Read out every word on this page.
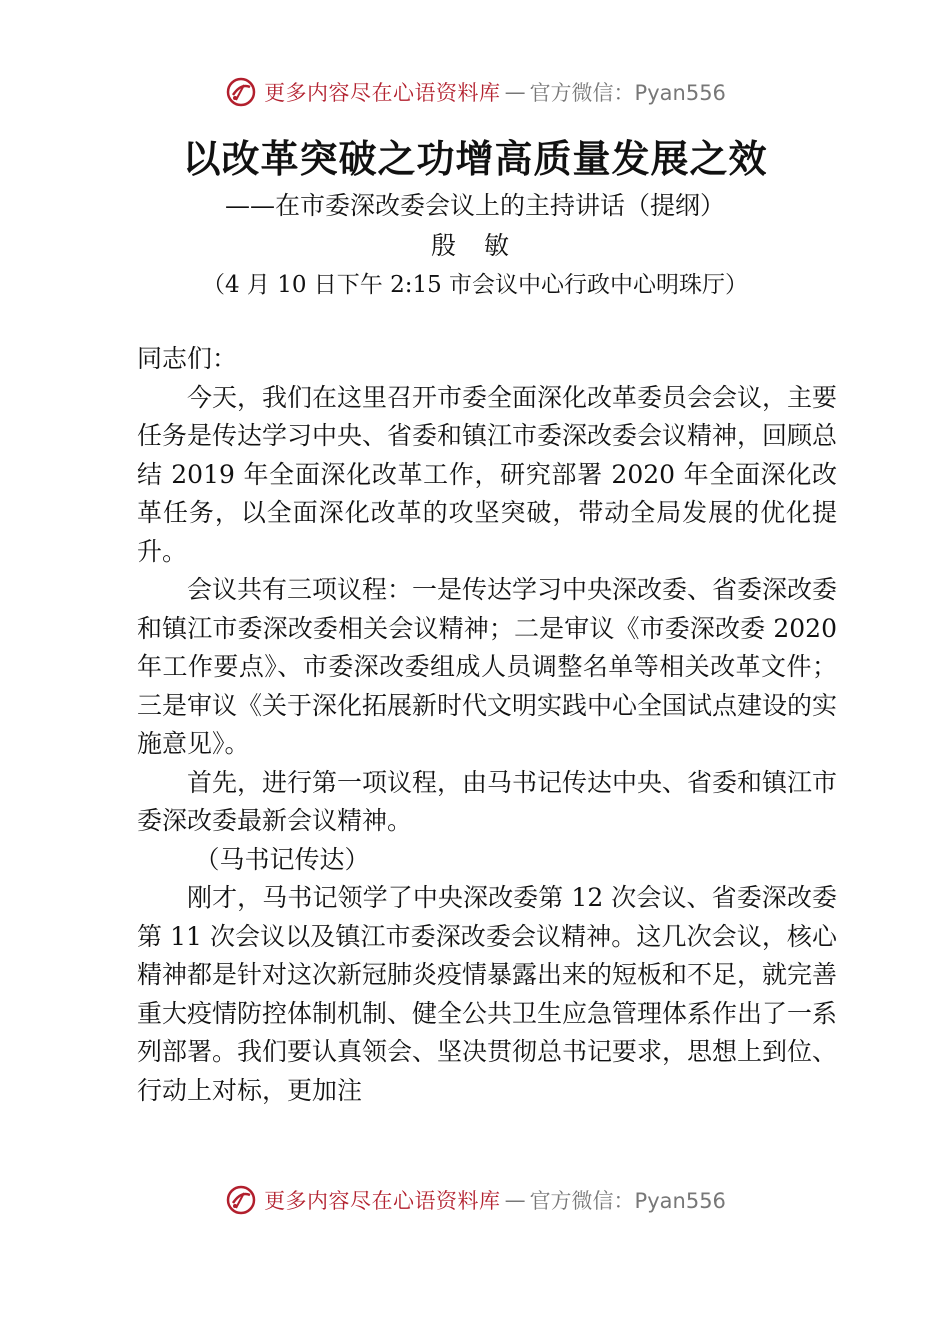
更多内容尽在心语资料库 — 官方微信：Pyan556
以改革突破之功增高质量发展之效
——在市委深改委会议上的主持讲话（提纲）
殷 敏
（4 月 10 日下午 2:15 市会议中心行政中心明珠厅）

同志们：

今天，我们在这里召开市委全面深化改革委员会会议，主要任务是传达学习中央、省委和镇江市委深改委会议精神，回顾总结 2019 年全面深化改革工作，研究部署 2020 年全面深化改革任务，以全面深化改革的攻坚突破，带动全局发展的优化提升。

会议共有三项议程：一是传达学习中央深改委、省委深改委和镇江市委深改委相关会议精神；二是审议《市委深改委 2020 年工作要点》、市委深改委组成人员调整名单等相关改革文件；三是审议《关于深化拓展新时代文明实践中心全国试点建设的实施意见》。

首先，进行第一项议程，由马书记传达中央、省委和镇江市委深改委最新会议精神。

（马书记传达）

刚才，马书记领学了中央深改委第 12 次会议、省委深改委第 11 次会议以及镇江市委深改委会议精神。这几次会议，核心精神都是针对这次新冠肺炎疫情暴露出来的短板和不足，就完善重大疫情防控体制机制、健全公共卫生应急管理体系作出了一系列部署。我们要认真领会、坚决贯彻总书记要求，思想上到位、行动上对标，更加注

更多内容尽在心语资料库 — 官方微信：Pyan556
